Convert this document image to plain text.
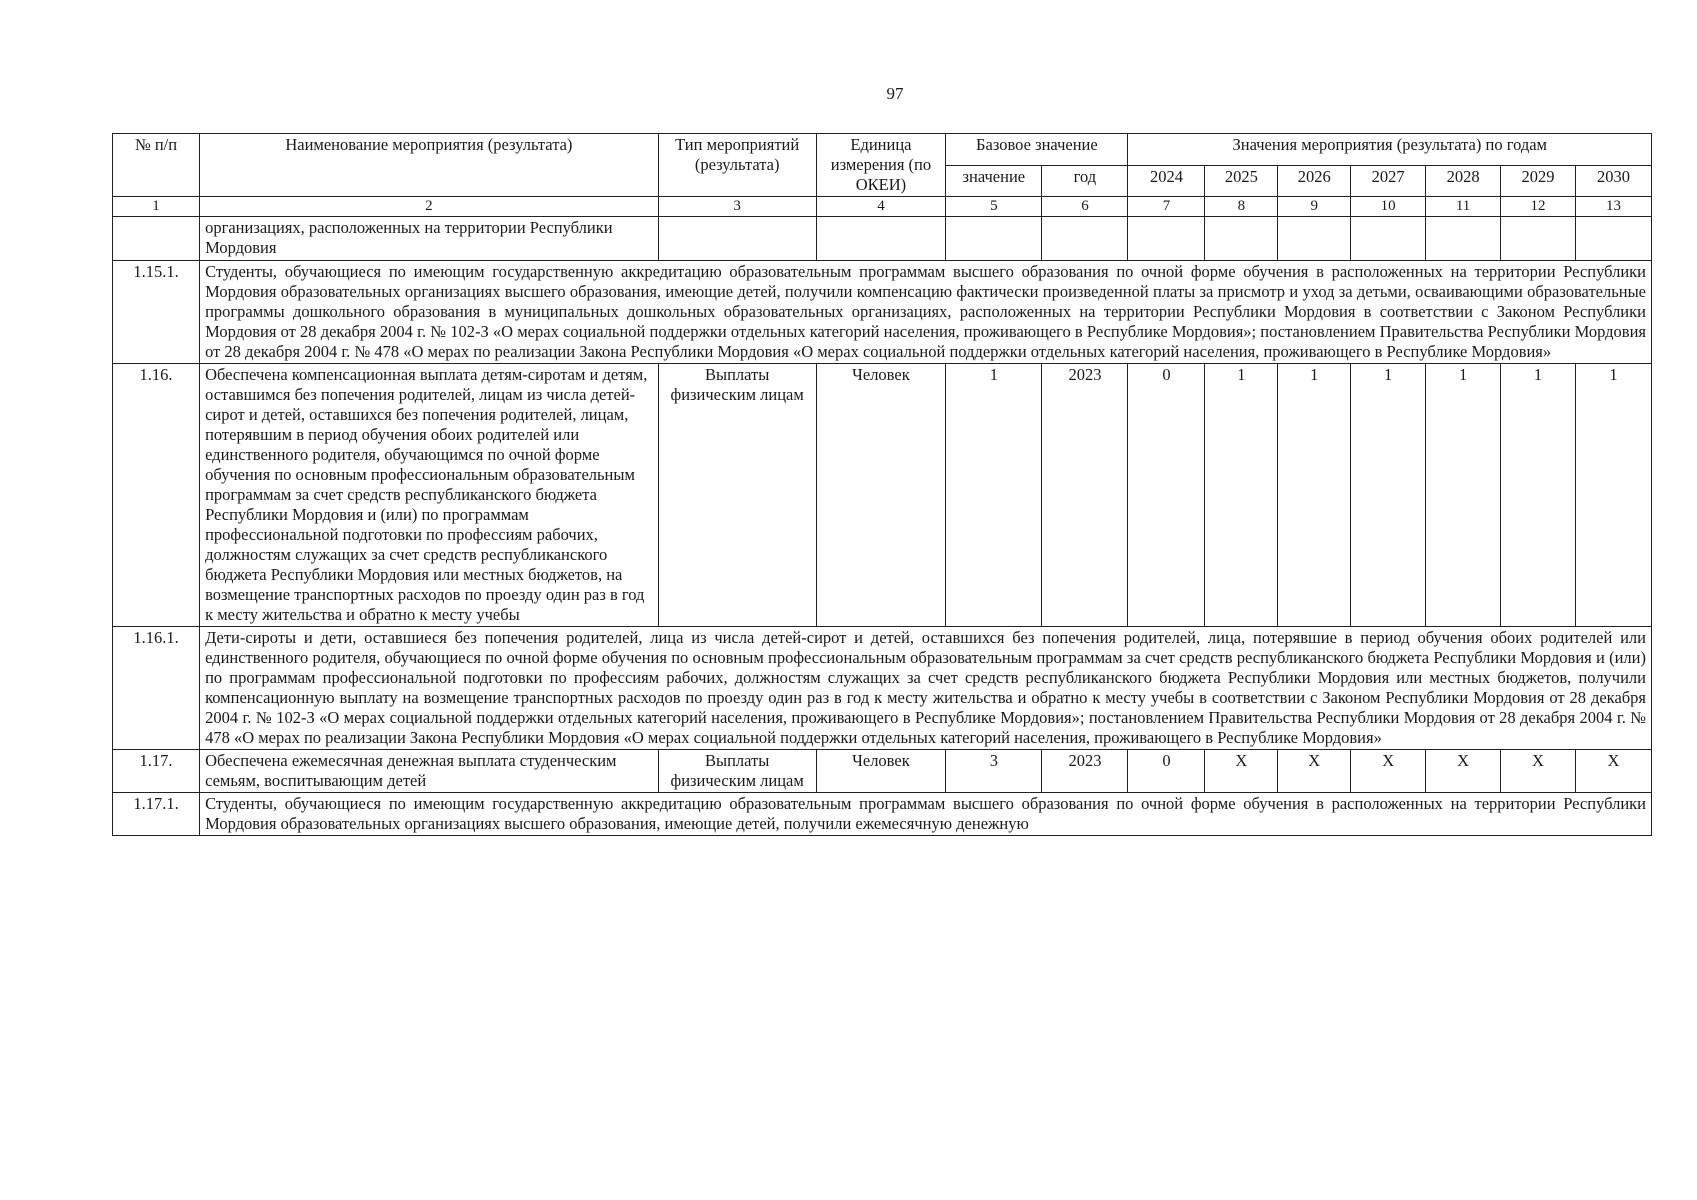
97
№ п/п	Наименование мероприятия (результата)	Тип мероприятий (результата)	Единица измерения (по ОКЕИ)	Базовое значение		Значения мероприятия (результата) по годам						
				значение	год	2024	2025	2026	2027	2028	2029	2030
1	2	3	4	5	6	7	8	9	10	11	12	13
	организациях, расположенных на территории Республики Мордовия											
1.15.1.	Студенты, обучающиеся по имеющим государственную аккредитацию образовательным программам высшего образования по очной форме обучения в расположенных на территории Республики Мордовия образовательных организациях высшего образования, имеющие детей, получили компенсацию фактически произведенной платы за присмотр и уход за детьми, осваивающими образовательные программы дошкольного образования в муниципальных дошкольных образовательных организациях, расположенных на территории Республики Мордовия в соответствии с Законом Республики Мордовия от 28 декабря 2004 г. № 102-З «О мерах социальной поддержки отдельных категорий населения, проживающего в Республике Мордовия»; постановлением Правительства Республики Мордовия от 28 декабря 2004 г. № 478 «О мерах по реализации Закона Республики Мордовия «О мерах социальной поддержки отдельных категорий населения, проживающего в Республике Мордовия»											
1.16.	Обеспечена компенсационная выплата детям-сиротам и детям, оставшимся без попечения родителей, лицам из числа детей-сирот и детей, оставшихся без попечения родителей, лицам, потерявшим в период обучения обоих родителей или единственного родителя, обучающимся по очной форме обучения по основным профессиональным образовательным программам за счет средств республиканского бюджета Республики Мордовия и (или) по программам профессиональной подготовки по профессиям рабочих, должностям служащих за счет средств республиканского бюджета Республики Мордовия или местных бюджетов, на возмещение транспортных расходов по проезду один раз в год к месту жительства и обратно к месту учебы	Выплаты физическим лицам	Человек	1	2023	0	1	1	1	1	1	1
1.16.1.	Дети-сироты и дети, оставшиеся без попечения родителей, лица из числа детей-сирот и детей, оставшихся без попечения родителей, лица, потерявшие в период обучения обоих родителей или единственного родителя, обучающиеся по очной форме обучения по основным профессиональным образовательным программам за счет средств республиканского бюджета Республики Мордовия и (или) по программам профессиональной подготовки по профессиям рабочих, должностям служащих за счет средств республиканского бюджета Республики Мордовия или местных бюджетов, получили компенсационную выплату на возмещение транспортных расходов по проезду один раз в год к месту жительства и обратно к месту учебы в соответствии с Законом Республики Мордовия от 28 декабря 2004 г. № 102-З «О мерах социальной поддержки отдельных категорий населения, проживающего в Республике Мордовия»; постановлением Правительства Республики Мордовия от 28 декабря 2004 г. № 478 «О мерах по реализации Закона Республики Мордовия «О мерах социальной поддержки отдельных категорий населения, проживающего в Республике Мордовия»											
1.17.	Обеспечена ежемесячная денежная выплата студенческим семьям, воспитывающим детей	Выплаты физическим лицам	Человек	3	2023	0	X	X	X	X	X	X
1.17.1.	Студенты, обучающиеся по имеющим государственную аккредитацию образовательным программам высшего образования по очной форме обучения в расположенных на территории Республики Мордовия образовательных организациях высшего образования, имеющие детей, получили ежемесячную денежную											
